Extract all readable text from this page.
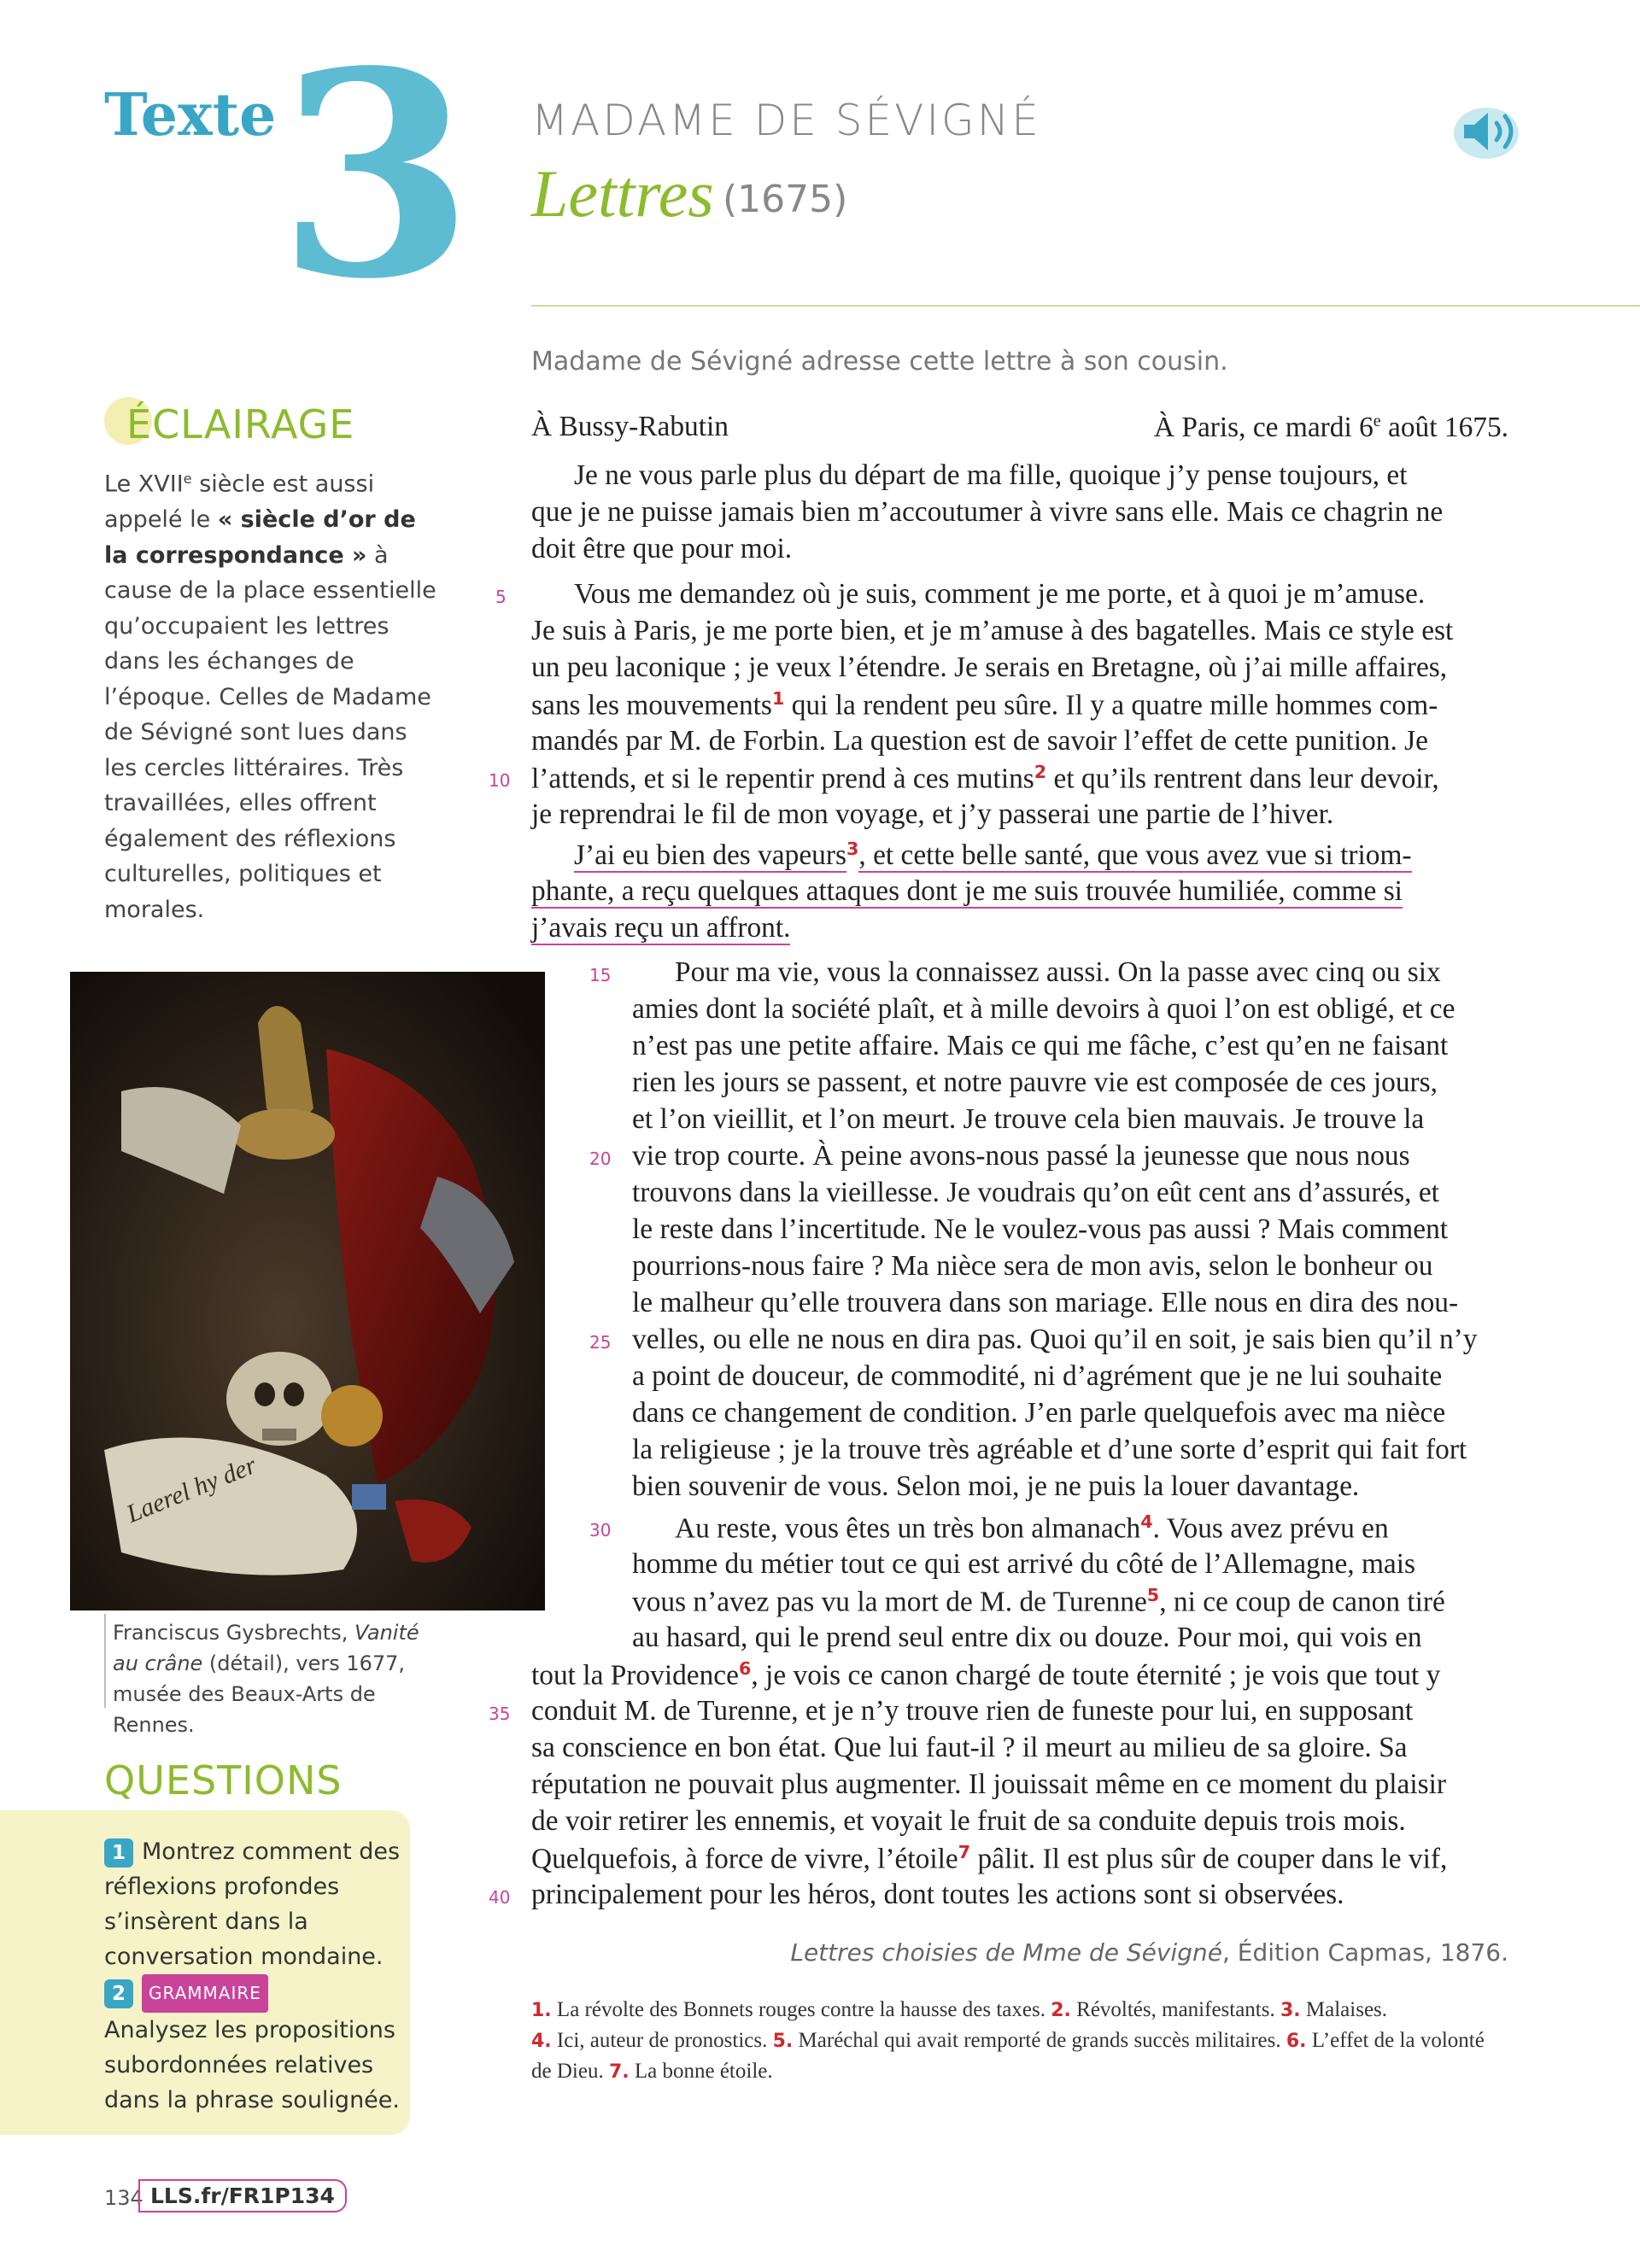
Texte 3 MADAME DE SÉVIGNÉ
Lettres (1675)
Madame de Sévigné adresse cette lettre à son cousin.
ÉCLAIRAGE
Le XVIIe siècle est aussi appelé le « siècle d’or de la correspondance » à cause de la place essentielle qu’occupaient les lettres dans les échanges de l’époque. Celles de Madame de Sévigné sont lues dans les cercles littéraires. Très travaillées, elles offrent également des réflexions culturelles, politiques et morales.
Laerel hy der
Franciscus Gysbrechts, Vanité au crâne (détail), vers 1677, musée des Beaux-Arts de Rennes.
QUESTIONS
1 Montrez comment des réflexions profondes s’insèrent dans la conversation mondaine.
2 GRAMMAIRE
Analysez les propositions subordonnées relatives dans la phrase soulignée.
134 LLS.fr/FR1P134
À Bussy-Rabutin	À Paris, ce mardi 6e août 1675.
Je ne vous parle plus du départ de ma fille, quoique j’y pense toujours, et
que je ne puisse jamais bien m’accoutumer à vivre sans elle. Mais ce chagrin ne
doit être que pour moi.
Vous me demandez où je suis, comment je me porte, et à quoi je m’amuse.
Je suis à Paris, je me porte bien, et je m’amuse à des bagatelles. Mais ce style est
un peu laconique ; je veux l’étendre. Je serais en Bretagne, où j’ai mille affaires,
sans les mouvements$^1$ qui la rendent peu sûre. Il y a quatre mille hommes com-
mandés par M. de Forbin. La question est de savoir l’effet de cette punition. Je
l’attends, et si le repentir prend à ces mutins$^2$ et qu’ils rentrent dans leur devoir,
je reprendrai le fil de mon voyage, et j’y passerai une partie de l’hiver.
J’ai eu bien des vapeurs$^3$, et cette belle santé, que vous avez vue si triom-
phante, a reçu quelques attaques dont je me suis trouvée humiliée, comme si
j’avais reçu un affront.
Pour ma vie, vous la connaissez aussi. On la passe avec cinq ou six
amies dont la société plaît, et à mille devoirs à quoi l’on est obligé, et ce
n’est pas une petite affaire. Mais ce qui me fâche, c’est qu’en ne faisant
rien les jours se passent, et notre pauvre vie est composée de ces jours,
et l’on vieillit, et l’on meurt. Je trouve cela bien mauvais. Je trouve la
vie trop courte. À peine avons-nous passé la jeunesse que nous nous
trouvons dans la vieillesse. Je voudrais qu’on eût cent ans d’assurés, et
le reste dans l’incertitude. Ne le voulez-vous pas aussi ? Mais comment
pourrions-nous faire ? Ma nièce sera de mon avis, selon le bonheur ou
le malheur qu’elle trouvera dans son mariage. Elle nous en dira des nou-
velles, ou elle ne nous en dira pas. Quoi qu’il en soit, je sais bien qu’il n’y
a point de douceur, de commodité, ni d’agrément que je ne lui souhaite
dans ce changement de condition. J’en parle quelquefois avec ma nièce
la religieuse ; je la trouve très agréable et d’une sorte d’esprit qui fait fort
bien souvenir de vous. Selon moi, je ne puis la louer davantage.
Au reste, vous êtes un très bon almanach$^4$. Vous avez prévu en
homme du métier tout ce qui est arrivé du côté de l’Allemagne, mais
vous n’avez pas vu la mort de M. de Turenne$^5$, ni ce coup de canon tiré
au hasard, qui le prend seul entre dix ou douze. Pour moi, qui vois en
tout la Providence$^6$, je vois ce canon chargé de toute éternité ; je vois que tout y
conduit M. de Turenne, et je n’y trouve rien de funeste pour lui, en supposant
sa conscience en bon état. Que lui faut-il ? il meurt au milieu de sa gloire. Sa
réputation ne pouvait plus augmenter. Il jouissait même en ce moment du plaisir
de voir retirer les ennemis, et voyait le fruit de sa conduite depuis trois mois.
Quelquefois, à force de vivre, l’étoile$^7$ pâlit. Il est plus sûr de couper dans le vif,
principalement pour les héros, dont toutes les actions sont si observées.
5
10
15
20
25
30
35
40
Lettres choisies de Mme de Sévigné, Édition Capmas, 1876.
1. La révolte des Bonnets rouges contre la hausse des taxes. 2. Révoltés, manifestants. 3. Malaises.
4. Ici, auteur de pronostics. 5. Maréchal qui avait remporté de grands succès militaires. 6. L’effet de la volonté de Dieu. 7. La bonne étoile.
